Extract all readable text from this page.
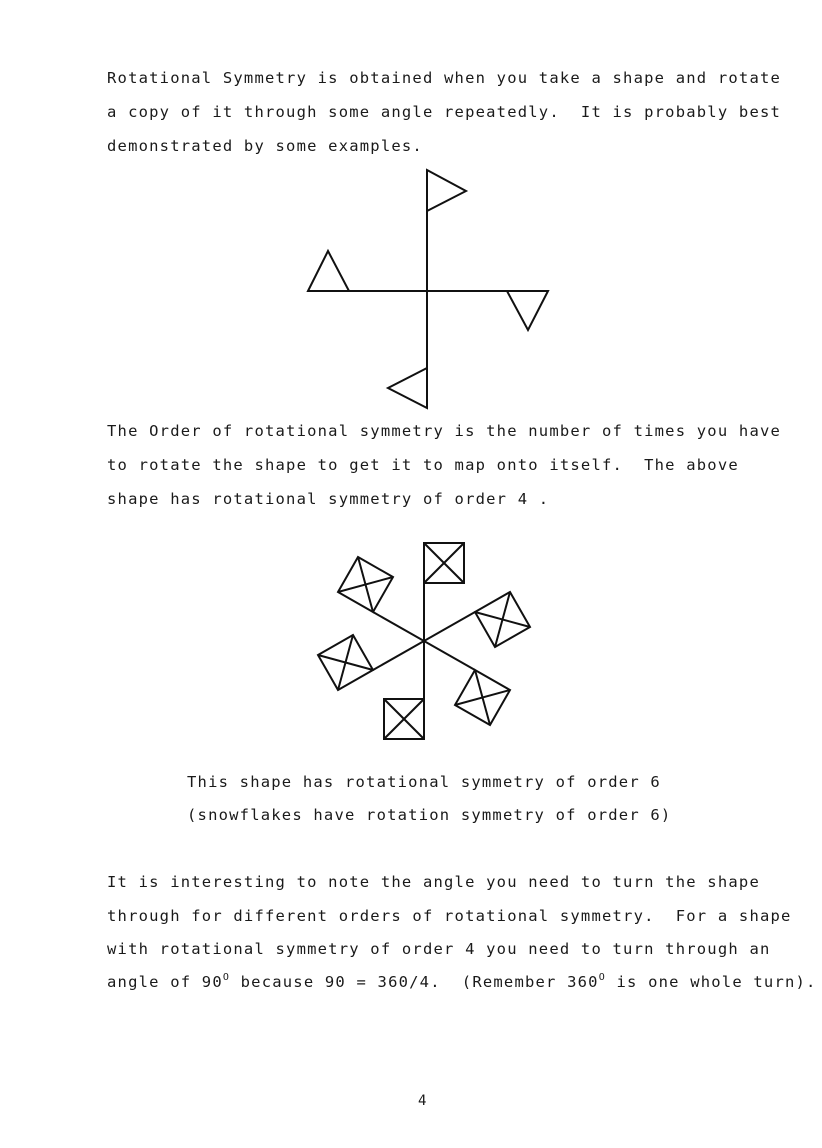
Rotational Symmetry is obtained when you take a shape and rotate
a copy of it through some angle repeatedly.  It is probably best
demonstrated by some examples.
The Order of rotational symmetry is the number of times you have
to rotate the shape to get it to map onto itself.  The above
shape has rotational symmetry of order 4 .
This shape has rotational symmetry of order 6
(snowflakes have rotation symmetry of order 6)
It is interesting to note the angle you need to turn the shape
through for different orders of rotational symmetry.  For a shape
with rotational symmetry of order 4 you need to turn through an
angle of $90^O$ because 90 = 360/4.  (Remember $360^O$ is one whole turn).
4
